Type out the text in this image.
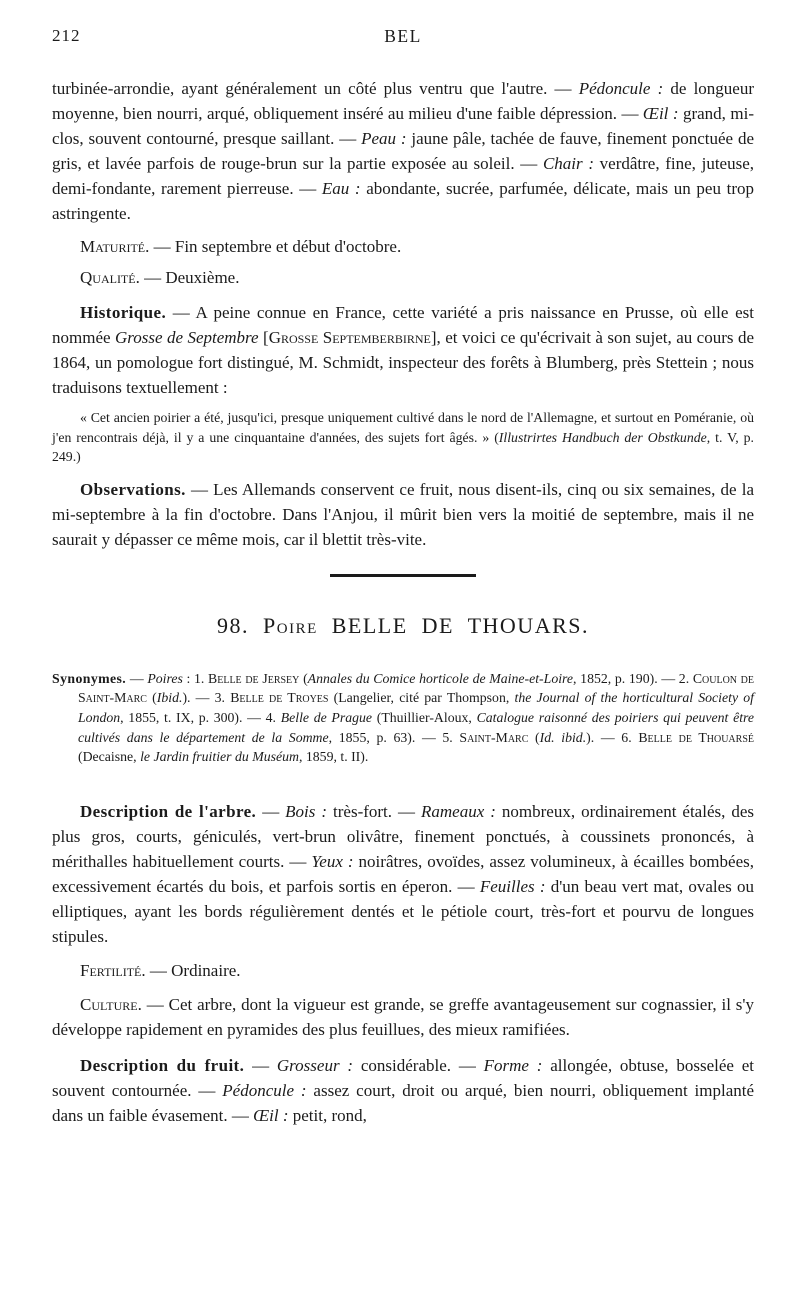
212	BEL

turbinée-arrondie, ayant généralement un côté plus ventru que l'autre. — Pédoncule : de longueur moyenne, bien nourri, arqué, obliquement inséré au milieu d'une faible dépression. — Œil : grand, mi-clos, souvent contourné, presque saillant. — Peau : jaune pâle, tachée de fauve, finement ponctuée de gris, et lavée parfois de rouge-brun sur la partie exposée au soleil. — Chair : verdâtre, fine, juteuse, demi-fondante, rarement pierreuse. — Eau : abondante, sucrée, parfumée, délicate, mais un peu trop astringente.

Maturité. — Fin septembre et début d'octobre.

Qualité. — Deuxième.

Historique. — A peine connue en France, cette variété a pris naissance en Prusse, où elle est nommée Grosse de Septembre [Grosse Septemberbirne], et voici ce qu'écrivait à son sujet, au cours de 1864, un pomologue fort distingué, M. Schmidt, inspecteur des forêts à Blumberg, près Stettein ; nous traduisons textuellement :

« Cet ancien poirier a été, jusqu'ici, presque uniquement cultivé dans le nord de l'Allemagne, et surtout en Poméranie, où j'en rencontrais déjà, il y a une cinquantaine d'années, des sujets fort âgés. » (Illustrirtes Handbuch der Obstkunde, t. V, p. 249.)

Observations. — Les Allemands conservent ce fruit, nous disent-ils, cinq ou six semaines, de la mi-septembre à la fin d'octobre. Dans l'Anjou, il mûrit bien vers la moitié de septembre, mais il ne saurait y dépasser ce même mois, car il blettit très-vite.

98. Poire BELLE DE THOUARS.

Synonymes. — Poires : 1. Belle de Jersey (Annales du Comice horticole de Maine-et-Loire, 1852, p. 190). — 2. Coulon de Saint-Marc (Ibid.). — 3. Belle de Troyes (Langelier, cité par Thompson, the Journal of the horticultural Society of London, 1855, t. IX, p. 300). — 4. Belle de Prague (Thuillier-Aloux, Catalogue raisonné des poiriers qui peuvent être cultivés dans le département de la Somme, 1855, p. 63). — 5. Saint-Marc (Id. ibid.). — 6. Belle de Thouarsé (Decaisne, le Jardin fruitier du Muséum, 1859, t. II).

Description de l'arbre. — Bois : très-fort. — Rameaux : nombreux, ordinairement étalés, des plus gros, courts, géniculés, vert-brun olivâtre, finement ponctués, à coussinets prononcés, à mérithalles habituellement courts. — Yeux : noirâtres, ovoïdes, assez volumineux, à écailles bombées, excessivement écartés du bois, et parfois sortis en éperon. — Feuilles : d'un beau vert mat, ovales ou elliptiques, ayant les bords régulièrement dentés et le pétiole court, très-fort et pourvu de longues stipules.

Fertilité. — Ordinaire.

Culture. — Cet arbre, dont la vigueur est grande, se greffe avantageusement sur cognassier, il s'y développe rapidement en pyramides des plus feuillues, des mieux ramifiées.

Description du fruit. — Grosseur : considérable. — Forme : allongée, obtuse, bosselée et souvent contournée. — Pédoncule : assez court, droit ou arqué, bien nourri, obliquement implanté dans un faible évasement. — Œil : petit, rond,
